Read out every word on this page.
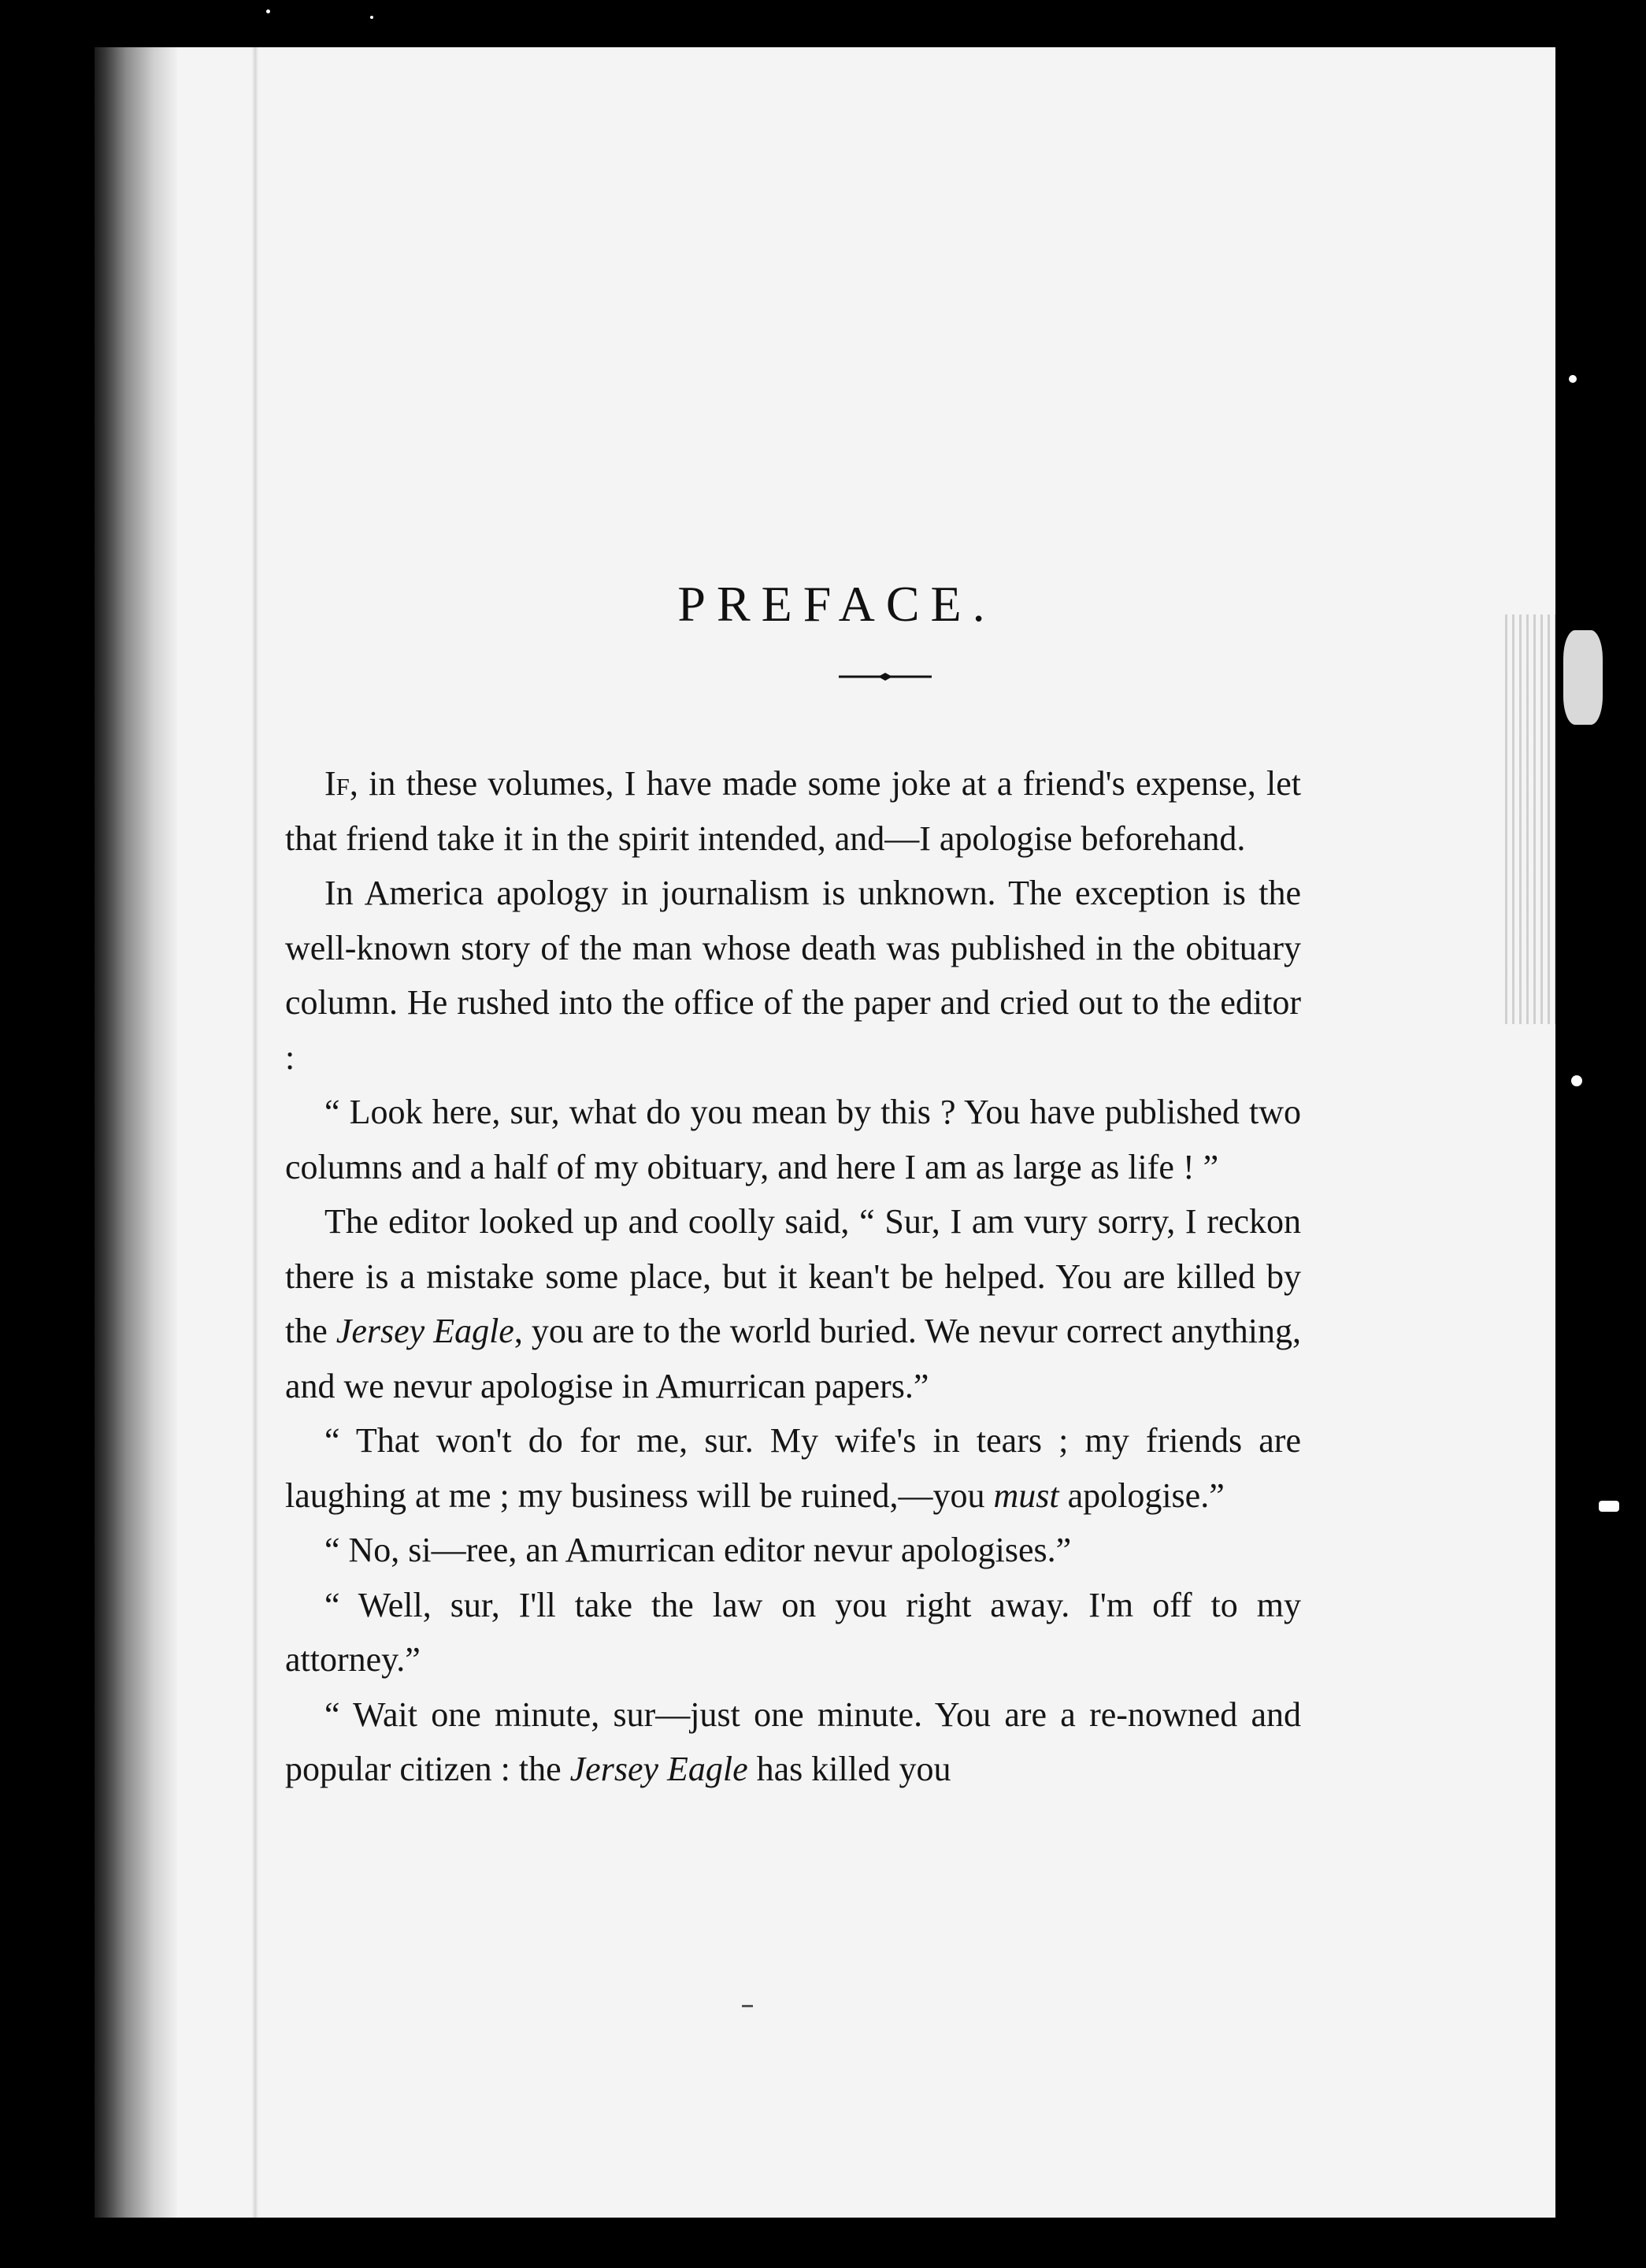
PREFACE.

If, in these volumes, I have made some joke at a friend's expense, let that friend take it in the spirit intended, and—I apologise beforehand.

In America apology in journalism is unknown. The exception is the well-known story of the man whose death was published in the obituary column. He rushed into the office of the paper and cried out to the editor :

“ Look here, sur, what do you mean by this ? You have published two columns and a half of my obituary, and here I am as large as life ! ”

The editor looked up and coolly said, “ Sur, I am vury sorry, I reckon there is a mistake some place, but it kean't be helped. You are killed by the Jersey Eagle, you are to the world buried. We nevur correct anything, and we nevur apologise in Amurrican papers.”

“ That won't do for me, sur. My wife's in tears ; my friends are laughing at me ; my business will be ruined,—you must apologise.”

“ No, si—ree, an Amurrican editor nevur apologises.”

“ Well, sur, I'll take the law on you right away. I'm off to my attorney.”

“ Wait one minute, sur—just one minute. You are a re-nowned and popular citizen : the Jersey Eagle has killed you
